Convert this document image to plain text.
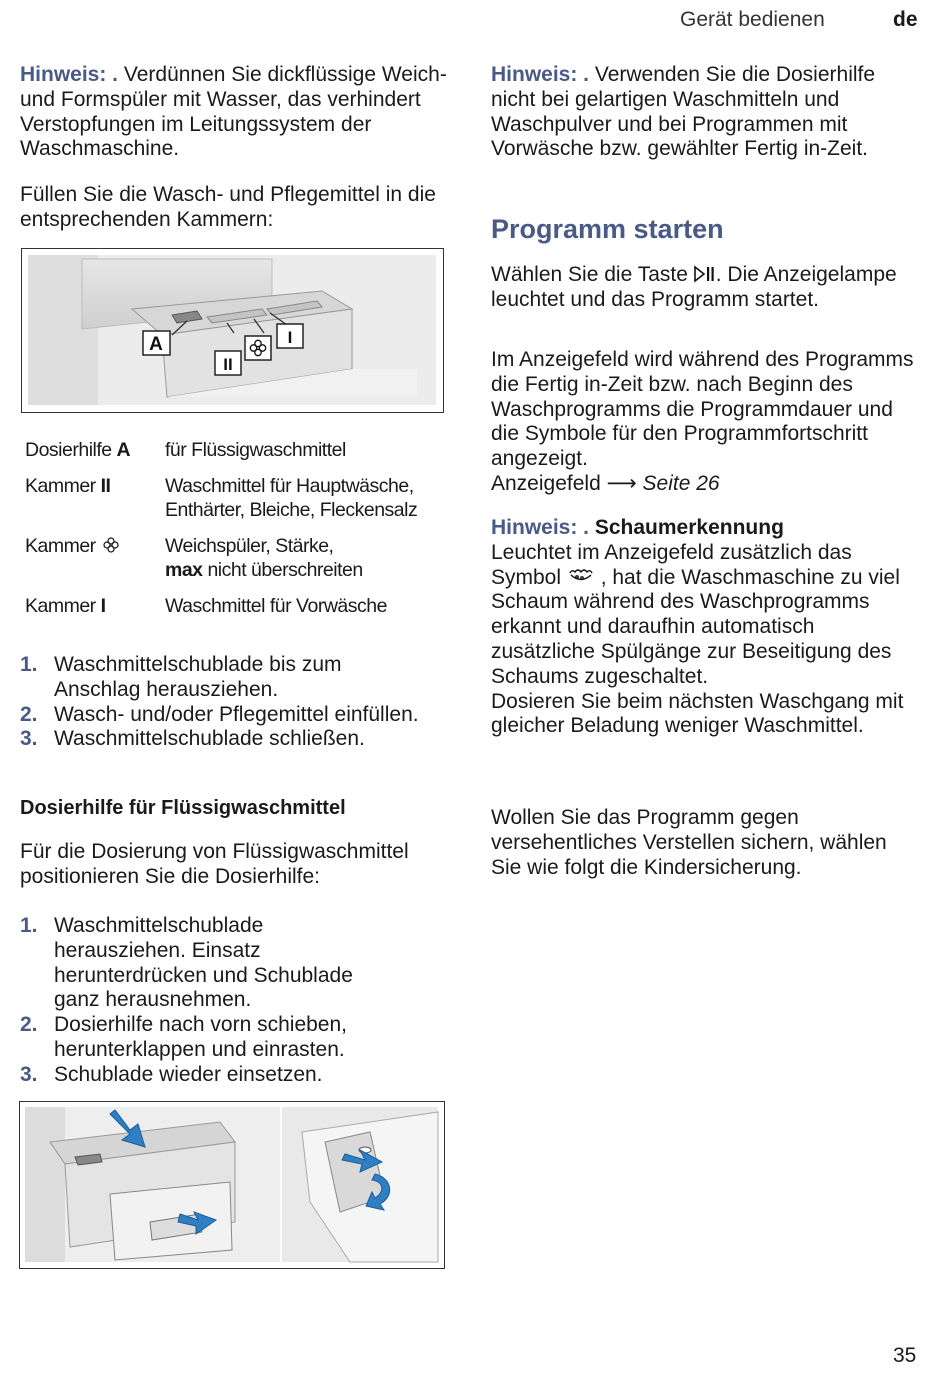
Gerät bedienen	de

Hinweis: . Verdünnen Sie dickflüssige Weich- und Formspüler mit Wasser, das verhindert Verstopfungen im Leitungssystem der Waschmaschine.

Füllen Sie die Wasch- und Pflegemittel in die entsprechenden Kammern:

A
II
I
Dosierhilfe A	für Flüssigwaschmittel
Kammer II	Waschmittel für Hauptwäsche,
Enthärter, Bleiche, Fleckensalz
Kammer	Weichspüler, Stärke,
max nicht überschreiten
Kammer I	Waschmittel für Vorwäsche
1. Waschmittelschublade bis zum Anschlag herausziehen.
2. Wasch- und/oder Pflegemittel einfüllen.
3. Waschmittelschublade schließen.
Dosierhilfe für Flüssigwaschmittel

Für die Dosierung von Flüssigwaschmittel positionieren Sie die Dosierhilfe:

1. Waschmittelschublade herausziehen. Einsatz herunterdrücken und Schublade ganz herausnehmen.
2. Dosierhilfe nach vorn schieben, herunterklappen und einrasten.
3. Schublade wieder einsetzen.

Hinweis: . Verwenden Sie die Dosierhilfe nicht bei gelartigen Waschmitteln und Waschpulver und bei Programmen mit Vorwäsche bzw. gewählter Fertig in-Zeit.

Programm starten

Wählen Sie die Taste . Die Anzeigelampe leuchtet und das Programm startet.

Im Anzeigefeld wird während des Programms die Fertig in-Zeit bzw. nach Beginn des Waschprogramms die Programmdauer und die Symbole für den Programmfortschritt angezeigt.
Anzeigefeld ⟶ Seite 26

Hinweis: . Schaumerkennung
Leuchtet im Anzeigefeld zusätzlich das Symbol  , hat die Waschmaschine zu viel Schaum während des Waschprogramms erkannt und daraufhin automatisch zusätzliche Spülgänge zur Beseitigung des Schaums zugeschaltet.
Dosieren Sie beim nächsten Waschgang mit gleicher Beladung weniger Waschmittel.

Wollen Sie das Programm gegen versehentliches Verstellen sichern, wählen Sie wie folgt die Kindersicherung.

35
